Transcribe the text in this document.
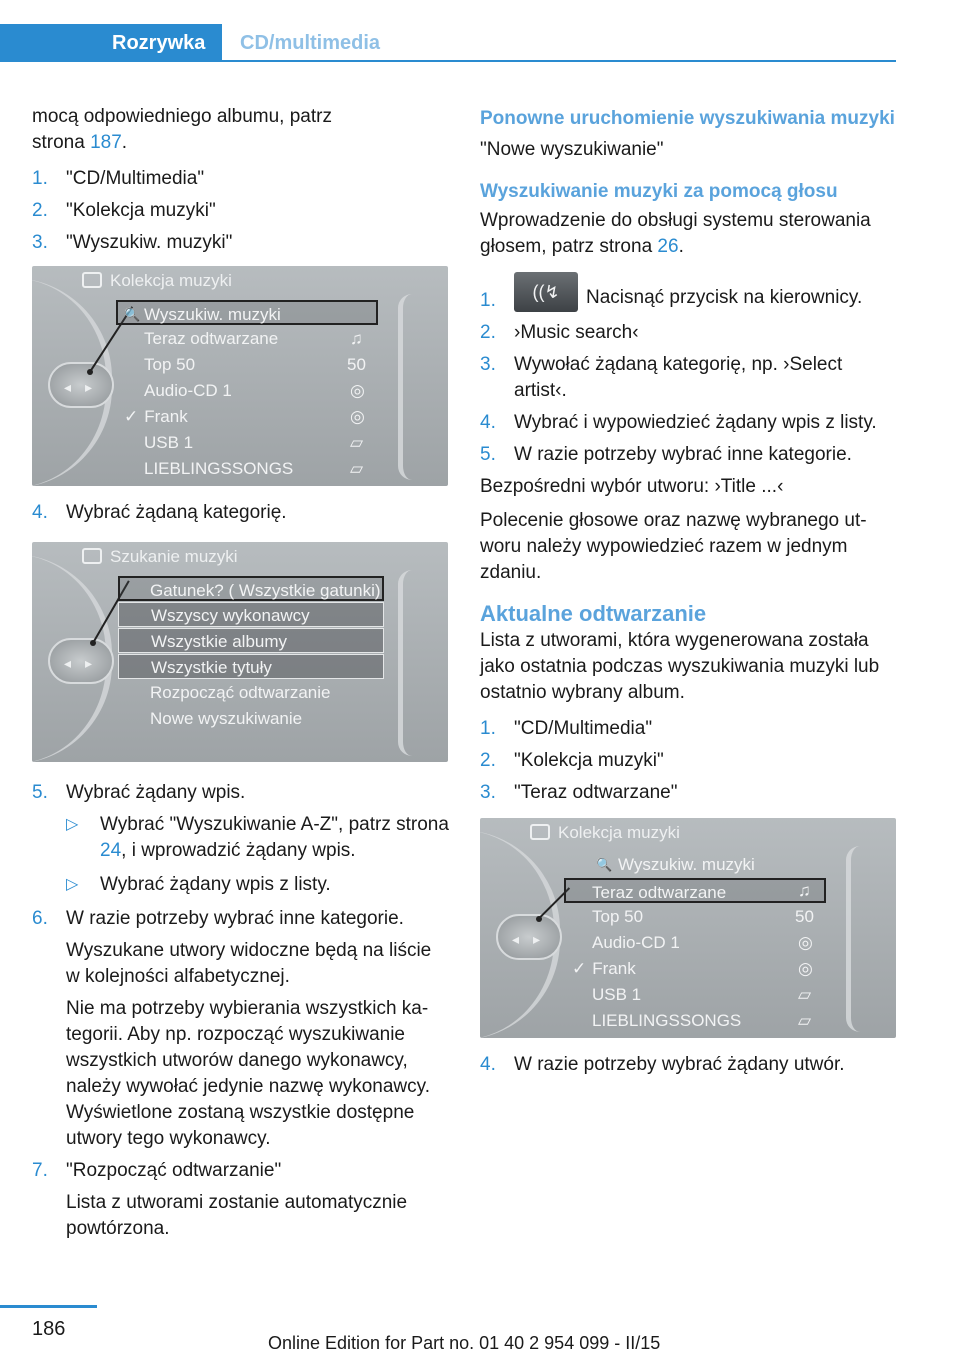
Rozrywka	CD/multimedia

mocą odpowiedniego albumu, patrz
strona 187.

1. "CD/Multimedia"
2. "Kolekcja muzyki"
3. "Wyszukiw. muzyki"
Kolekcja muzyki
◂▸
🔍 Wyszukiw. muzyki
Teraz odtwarzane	♫
Top 50	50
Audio-CD 1	◎
✓ Frank	◎
USB 1	▱
LIEBLINGSSONGS	▱
4. Wybrać żądaną kategorię.
Szukanie muzyki
◂▸
Gatunek? ( Wszystkie gatunki)
Wszyscy wykonawcy
Wszystkie albumy
Wszystkie tytuły
Rozpocząć odtwarzanie
Nowe wyszukiwanie
5. Wybrać żądany wpis.
▷ Wybrać "Wyszukiwanie A-Z", patrz strona 24, i wprowadzić żądany wpis.
▷ Wybrać żądany wpis z listy.
6. W razie potrzeby wybrać inne kategorie.

Wyszukane utwory widoczne będą na liście w kolejności alfabetycznej.

Nie ma potrzeby wybierania wszystkich kategorii. Aby np. rozpocząć wyszukiwanie wszystkich utworów danego wykonawcy, należy wywołać jedynie nazwę wykonawcy. Wyświetlone zostaną wszystkie dostępne utwory tego wykonawcy.

7. "Rozpocząć odtwarzanie"

Lista z utworami zostanie automatycznie powtórzona.

Ponowne uruchomienie wyszukiwania muzyki

"Nowe wyszukiwanie"

Wyszukiwanie muzyki za pomocą głosu

Wprowadzenie do obsługi systemu sterowania głosem, patrz strona 26.

1. ((↯ Nacisnąć przycisk na kierownicy.
2. ›Music search‹
3. Wywołać żądaną kategorię, np. ›Select artist‹.
4. Wybrać i wypowiedzieć żądany wpis z listy.
5. W razie potrzeby wybrać inne kategorie.

Bezpośredni wybór utworu: ›Title ...‹

Polecenie głosowe oraz nazwę wybranego utworu należy wypowiedzieć razem w jednym zdaniu.

Aktualne odtwarzanie

Lista z utworami, która wygenerowana została jako ostatnia podczas wyszukiwania muzyki lub ostatnio wybrany album.

1. "CD/Multimedia"
2. "Kolekcja muzyki"
3. "Teraz odtwarzane"
Kolekcja muzyki
◂▸
🔍 Wyszukiw. muzyki
Teraz odtwarzane	♫
Top 50	50
Audio-CD 1	◎
✓ Frank	◎
USB 1	▱
LIEBLINGSSONGS	▱
4. W razie potrzeby wybrać żądany utwór.
186
Online Edition for Part no. 01 40 2 954 099 - II/15
